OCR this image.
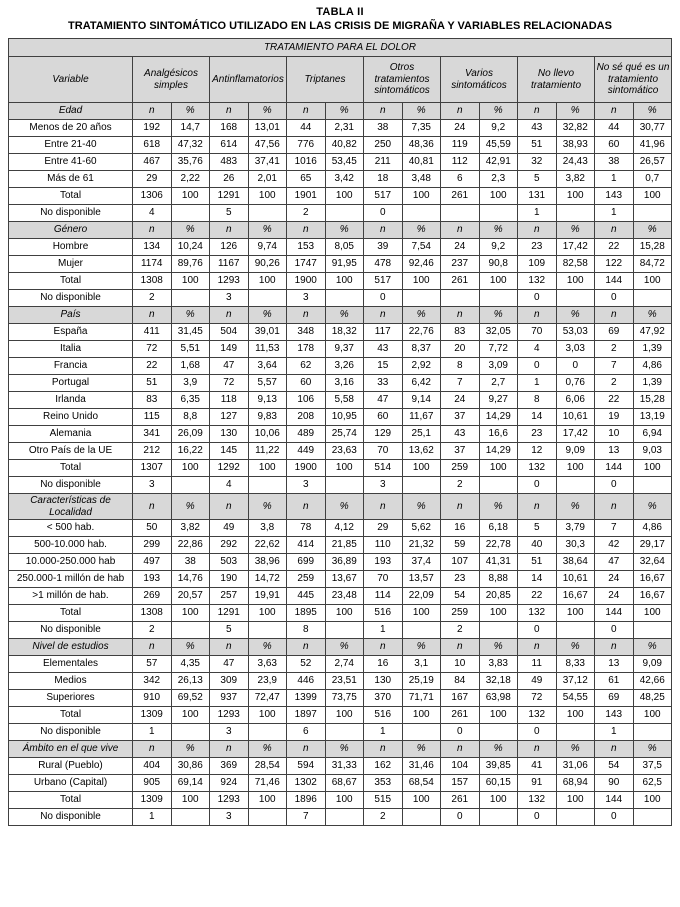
TABLA II
TRATAMIENTO SINTOMÁTICO UTILIZADO EN LAS CRISIS DE MIGRAÑA Y VARIABLES RELACIONADAS
TRATAMIENTO PARA EL DOLOR														
Variable	Analgésicos simples		Antinflamatorios		Triptanes		Otros tratamientos sintomáticos		Varios sintomáticos		No llevo tratamiento		No sé qué es un tratamiento sintomático	
Edad	n	%	n	%	n	%	n	%	n	%	n	%	n	%
Menos de 20 años	192	14,7	168	13,01	44	2,31	38	7,35	24	9,2	43	32,82	44	30,77
Entre 21-40	618	47,32	614	47,56	776	40,82	250	48,36	119	45,59	51	38,93	60	41,96
Entre 41-60	467	35,76	483	37,41	1016	53,45	211	40,81	112	42,91	32	24,43	38	26,57
Más de 61	29	2,22	26	2,01	65	3,42	18	3,48	6	2,3	5	3,82	1	0,7
Total	1306	100	1291	100	1901	100	517	100	261	100	131	100	143	100
No disponible	4		5		2		0				1		1	
Género	n	%	n	%	n	%	n	%	n	%	n	%	n	%
Hombre	134	10,24	126	9,74	153	8,05	39	7,54	24	9,2	23	17,42	22	15,28
Mujer	1174	89,76	1167	90,26	1747	91,95	478	92,46	237	90,8	109	82,58	122	84,72
Total	1308	100	1293	100	1900	100	517	100	261	100	132	100	144	100
No disponible	2		3		3		0				0		0	
País	n	%	n	%	n	%	n	%	n	%	n	%	n	%
España	411	31,45	504	39,01	348	18,32	117	22,76	83	32,05	70	53,03	69	47,92
Italia	72	5,51	149	11,53	178	9,37	43	8,37	20	7,72	4	3,03	2	1,39
Francia	22	1,68	47	3,64	62	3,26	15	2,92	8	3,09	0	0	7	4,86
Portugal	51	3,9	72	5,57	60	3,16	33	6,42	7	2,7	1	0,76	2	1,39
Irlanda	83	6,35	118	9,13	106	5,58	47	9,14	24	9,27	8	6,06	22	15,28
Reino Unido	115	8,8	127	9,83	208	10,95	60	11,67	37	14,29	14	10,61	19	13,19
Alemania	341	26,09	130	10,06	489	25,74	129	25,1	43	16,6	23	17,42	10	6,94
Otro País de la UE	212	16,22	145	11,22	449	23,63	70	13,62	37	14,29	12	9,09	13	9,03
Total	1307	100	1292	100	1900	100	514	100	259	100	132	100	144	100
No disponible	3		4		3		3		2		0		0	
Características de Localidad	n	%	n	%	n	%	n	%	n	%	n	%	n	%
< 500 hab.	50	3,82	49	3,8	78	4,12	29	5,62	16	6,18	5	3,79	7	4,86
500-10.000 hab.	299	22,86	292	22,62	414	21,85	110	21,32	59	22,78	40	30,3	42	29,17
10.000-250.000 hab	497	38	503	38,96	699	36,89	193	37,4	107	41,31	51	38,64	47	32,64
250.000-1 millón de hab	193	14,76	190	14,72	259	13,67	70	13,57	23	8,88	14	10,61	24	16,67
>1 millón de hab.	269	20,57	257	19,91	445	23,48	114	22,09	54	20,85	22	16,67	24	16,67
Total	1308	100	1291	100	1895	100	516	100	259	100	132	100	144	100
No disponible	2		5		8		1		2		0		0	
Nivel de estudios	n	%	n	%	n	%	n	%	n	%	n	%	n	%
Elementales	57	4,35	47	3,63	52	2,74	16	3,1	10	3,83	11	8,33	13	9,09
Medios	342	26,13	309	23,9	446	23,51	130	25,19	84	32,18	49	37,12	61	42,66
Superiores	910	69,52	937	72,47	1399	73,75	370	71,71	167	63,98	72	54,55	69	48,25
Total	1309	100	1293	100	1897	100	516	100	261	100	132	100	143	100
No disponible	1		3		6		1		0		0		1	
Ámbito en el que vive	n	%	n	%	n	%	n	%	n	%	n	%	n	%
Rural (Pueblo)	404	30,86	369	28,54	594	31,33	162	31,46	104	39,85	41	31,06	54	37,5
Urbano (Capital)	905	69,14	924	71,46	1302	68,67	353	68,54	157	60,15	91	68,94	90	62,5
Total	1309	100	1293	100	1896	100	515	100	261	100	132	100	144	100
No disponible	1		3		7		2		0		0		0	
